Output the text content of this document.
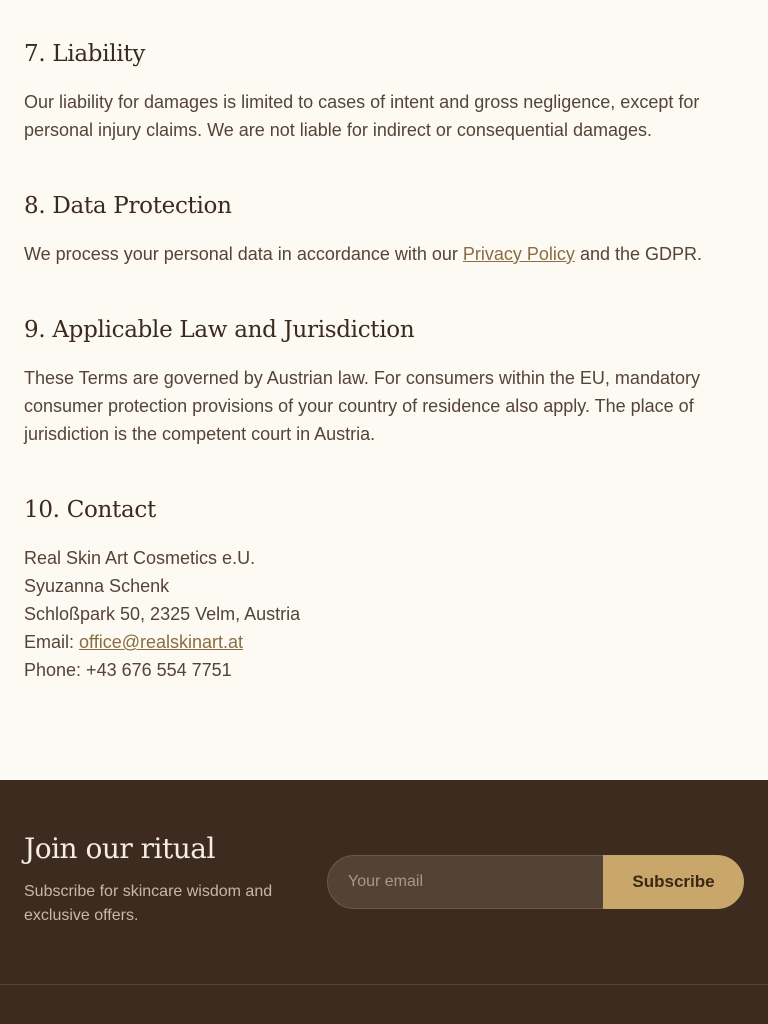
7. Liability

Our liability for damages is limited to cases of intent and gross negligence, except for personal injury claims. We are not liable for indirect or consequential damages.

8. Data Protection

We process your personal data in accordance with our Privacy Policy and the GDPR.

9. Applicable Law and Jurisdiction

These Terms are governed by Austrian law. For consumers within the EU, mandatory consumer protection provisions of your country of residence also apply. The place of jurisdiction is the competent court in Austria.

10. Contact
Real Skin Art Cosmetics e.U.
Syuzanna Schenk
Schloßpark 50, 2325 Velm, Austria
Email: office@realskinart.at
Phone: +43 676 554 7751
Join our ritual

Subscribe for skincare wisdom and exclusive offers.

Your email
Subscribe
